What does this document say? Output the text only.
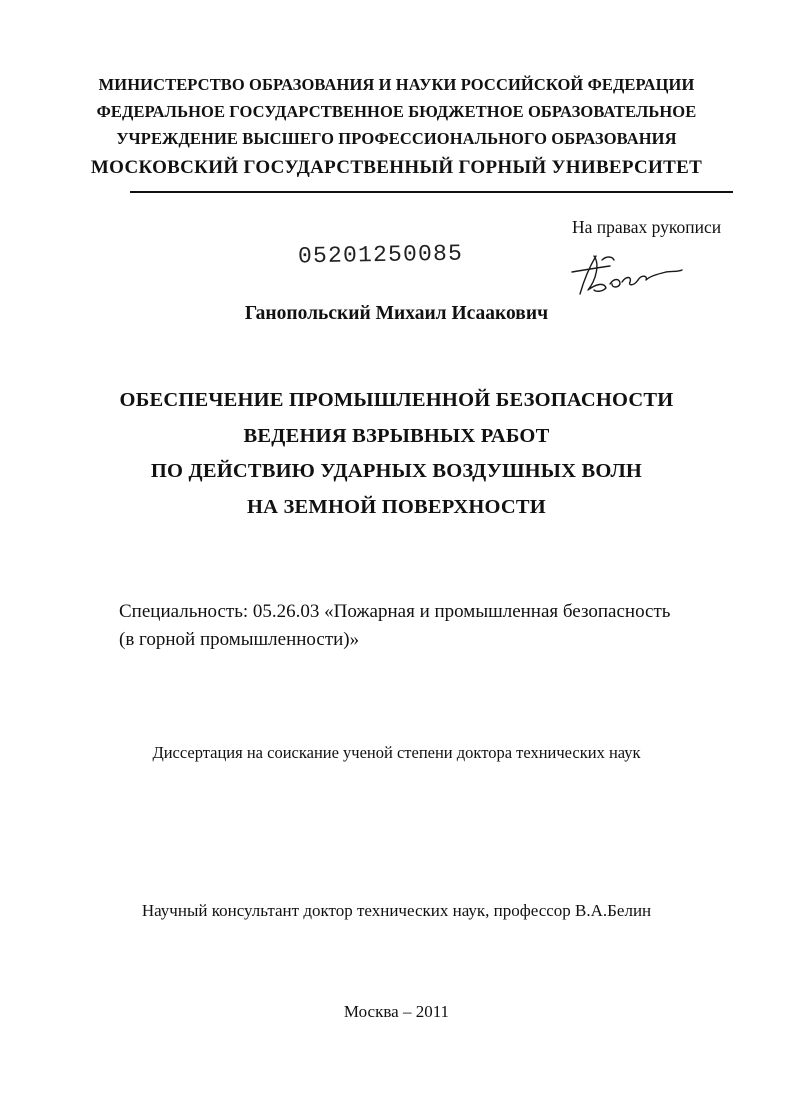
МИНИСТЕРСТВО ОБРАЗОВАНИЯ И НАУКИ РОССИЙСКОЙ ФЕДЕРАЦИИ
ФЕДЕРАЛЬНОЕ ГОСУДАРСТВЕННОЕ БЮДЖЕТНОЕ ОБРАЗОВАТЕЛЬНОЕ
УЧРЕЖДЕНИЕ ВЫСШЕГО ПРОФЕССИОНАЛЬНОГО ОБРАЗОВАНИЯ
МОСКОВСКИЙ ГОСУДАРСТВЕННЫЙ ГОРНЫЙ УНИВЕРСИТЕТ
На правах рукописи
05201250085
Ганопольский Михаил Исаакович
ОБЕСПЕЧЕНИЕ ПРОМЫШЛЕННОЙ БЕЗОПАСНОСТИ
ВЕДЕНИЯ ВЗРЫВНЫХ РАБОТ
ПО ДЕЙСТВИЮ УДАРНЫХ ВОЗДУШНЫХ ВОЛН
НА ЗЕМНОЙ ПОВЕРХНОСТИ
Специальность: 05.26.03 «Пожарная и промышленная безопасность
(в горной промышленности)»
Диссертация на соискание ученой степени доктора технических наук
Научный консультант доктор технических наук, профессор В.А.Белин
Москва – 2011
